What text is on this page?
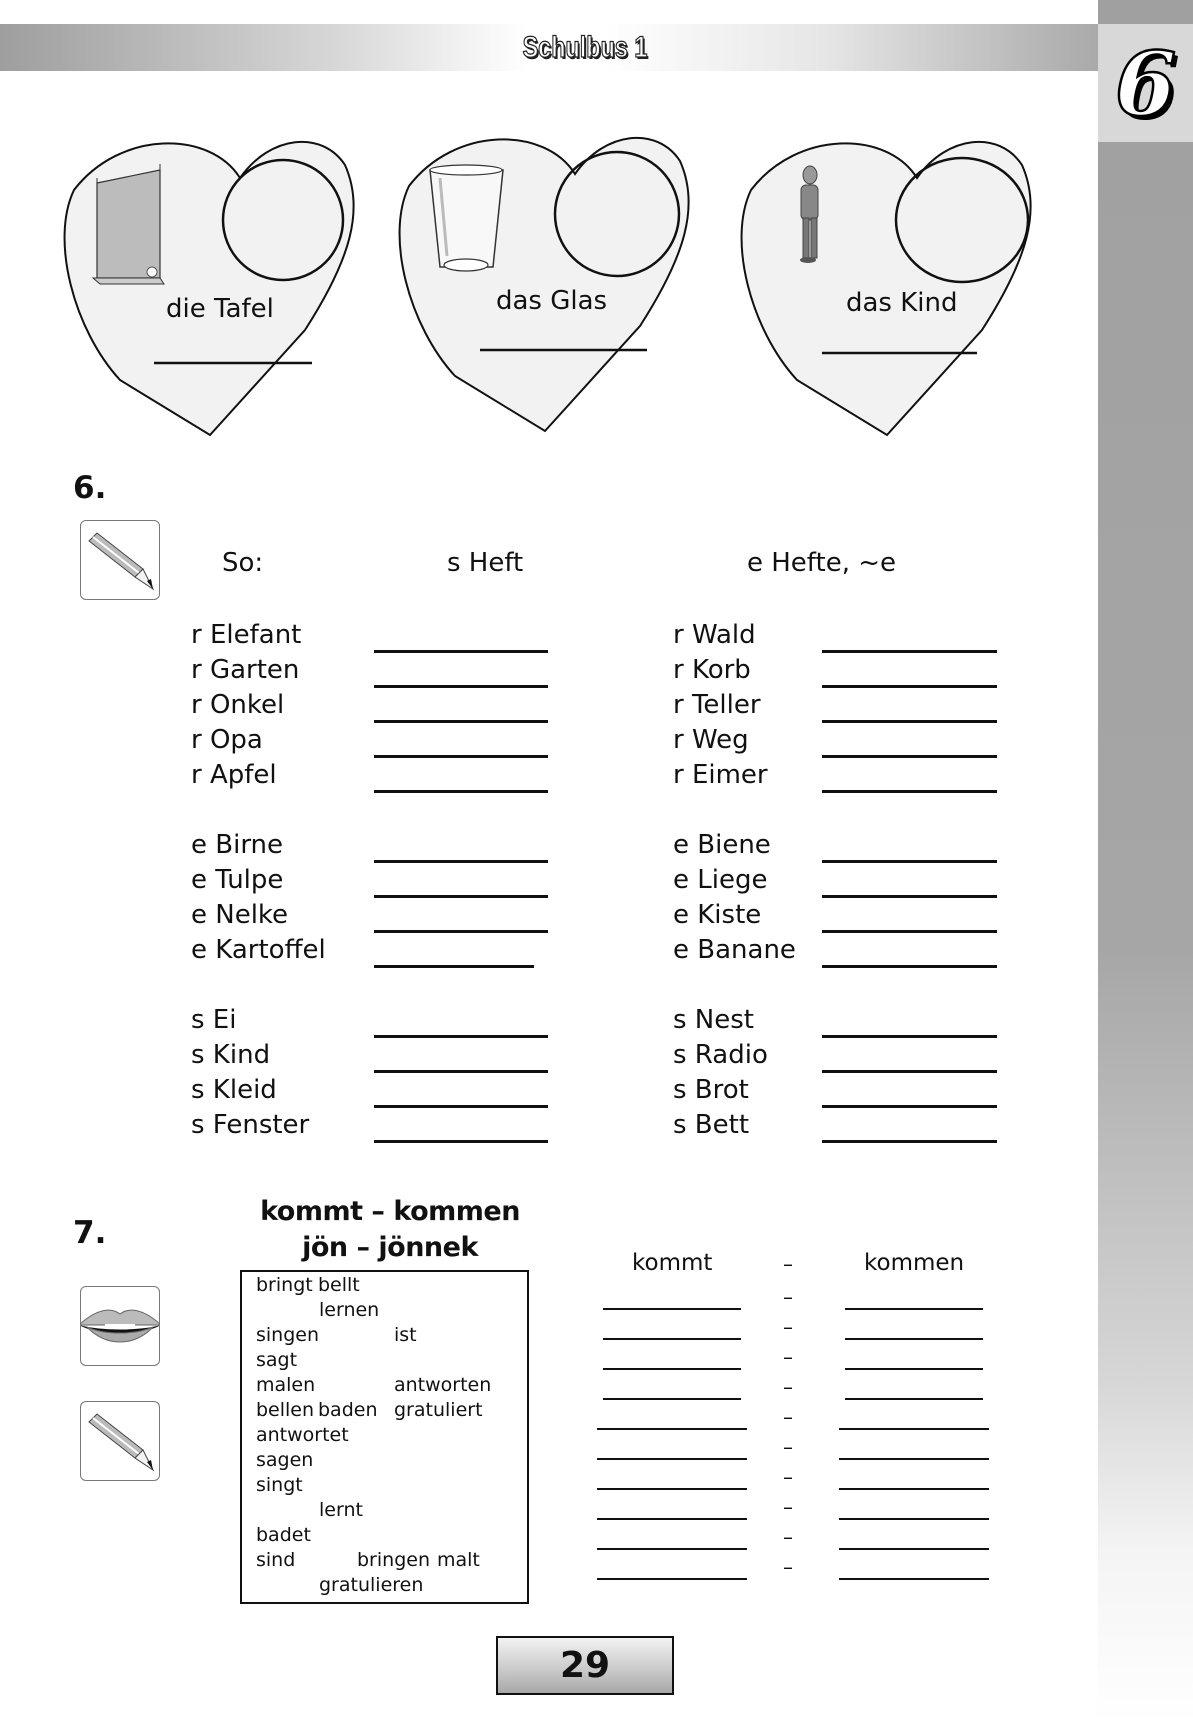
6
Schulbus 1
die Tafel	das Glas	das Kind
6.
So:	s Heft	e Hefte, ~e
r Elefant
r Garten
r Onkel
r Opa
r Apfel
e Birne
e Tulpe
e Nelke
e Kartoffel
s Ei
s Kind
s Kleid
s Fenster
r Wald
r Korb
r Teller
r Weg
r Eimer
e Biene
e Liege
e Kiste
e Banane
s Nest
s Radio
s Brot
s Bett
7.
kommt – kommen
jön – jönnek
bringt bellt
lernen
singen	ist
sagt
malen	antworten
bellen baden gratuliert
antwortet
sagen
singt
lernt
badet
sind	bringen malt
gratulieren
kommt	–	kommen
–
–
–
–
–
–
–
–
–
–
29
